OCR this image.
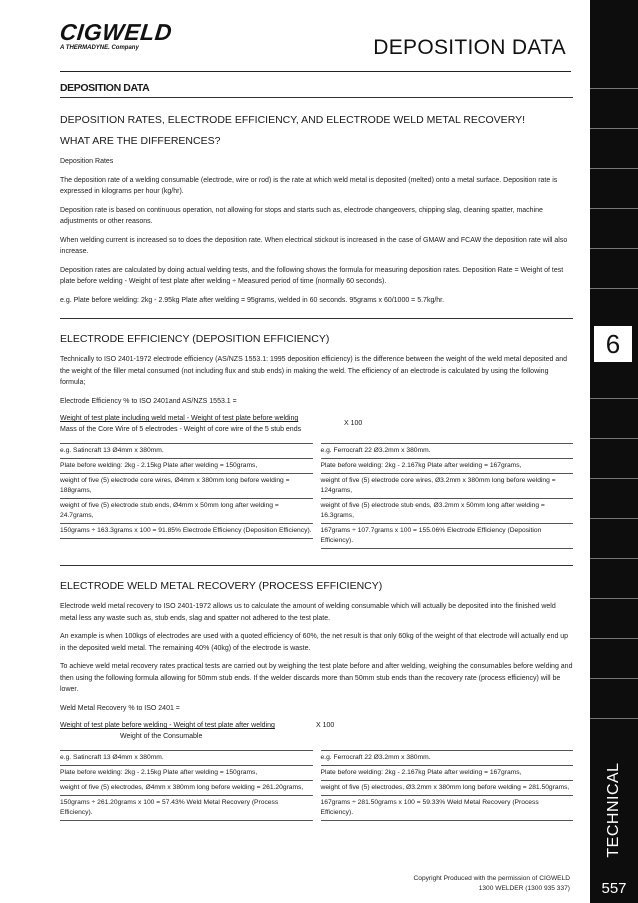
CIGWELD
A THERMADYNE. Company	DEPOSITION DATA
6
TECHNICAL
557
DEPOSITION DATA
DEPOSITION RATES, ELECTRODE EFFICIENCY, AND ELECTRODE WELD METAL RECOVERY!
WHAT ARE THE DIFFERENCES?

Deposition Rates

The deposition rate of a welding consumable (electrode, wire or rod) is the rate at which weld metal is deposited (melted) onto a metal surface. Deposition rate is expressed in kilograms per hour (kg/hr).

Deposition rate is based on continuous operation, not allowing for stops and starts such as, electrode changeovers, chipping slag, cleaning spatter, machine adjustments or other reasons.

When welding current is increased so to does the deposition rate. When electrical stickout is increased in the case of GMAW and FCAW the deposition rate will also increase.

Deposition rates are calculated by doing actual welding tests, and the following shows the formula for measuring deposition rates. Deposition Rate = Weight of test plate before welding - Weight of test plate after welding ÷ Measured period of time (normally 60 seconds).

e.g. Plate before welding: 2kg - 2.95kg Plate after welding = 95grams, welded in 60 seconds. 95grams x 60/1000 = 5.7kg/hr.

ELECTRODE EFFICIENCY (DEPOSITION EFFICIENCY)

Technically to ISO 2401-1972 electrode efficiency (AS/NZS 1553.1: 1995 deposition efficiency) is the difference between the weight of the weld metal deposited and the weight of the filler metal consumed (not including flux and stub ends) in making the weld. The efficiency of an electrode is calculated by using the following formula;

Electrode Efficiency % to ISO 2401and AS/NZS 1553.1 =

Weight of test plate including weld metal - Weight of test plate before welding
Mass of the Core Wire of 5 electrodes - Weight of core wire of the 5 stub ends
X 100
e.g. Satincraft 13 Ø4mm x 380mm.
Plate before welding: 2kg - 2.15kg Plate after welding = 150grams,
weight of five (5) electrode core wires, Ø4mm x 380mm long before welding = 188grams,
weight of five (5) electrode stub ends, Ø4mm x 50mm long after welding = 24.7grams,
150grams ÷ 163.3grams x 100 = 91.85% Electrode Efficiency (Deposition Efficiency).
e.g. Ferrocraft 22 Ø3.2mm x 380mm.
Plate before welding: 2kg - 2.167kg Plate after welding = 167grams,
weight of five (5) electrode core wires, Ø3.2mm x 380mm long before welding = 124grams,
weight of five (5) electrode stub ends, Ø3.2mm x 50mm long after welding = 16.3grams,
167grams ÷ 107.7grams x 100 = 155.06% Electrode Efficiency (Deposition Efficiency).
ELECTRODE WELD METAL RECOVERY (PROCESS EFFICIENCY)

Electrode weld metal recovery to ISO 2401-1972 allows us to calculate the amount of welding consumable which will actually be deposited into the finished weld metal less any waste such as, stub ends, slag and spatter not adhered to the test plate.

An example is when 100kgs of electrodes are used with a quoted efficiency of 60%, the net result is that only 60kg of the weight of that electrode will actually end up in the deposited weld metal. The remaining 40% (40kg) of the electrode is waste.

To achieve weld metal recovery rates practical tests are carried out by weighing the test plate before and after welding, weighing the consumables before welding and then using the following formula allowing for 50mm stub ends. If the welder discards more than 50mm stub ends than the recovery rate (process efficiency) will be lower.

Weld Metal Recovery % to ISO 2401 =

Weight of test plate before welding - Weight of test plate after welding
Weight of the Consumable
X 100
e.g. Satincraft 13 Ø4mm x 380mm.
Plate before welding: 2kg - 2.15kg Plate after welding = 150grams,
weight of five (5) electrodes, Ø4mm x 380mm long before welding = 261.20grams,
150grams ÷ 261.20grams x 100 = 57.43% Weld Metal Recovery (Process Efficiency).
e.g. Ferrocraft 22 Ø3.2mm x 380mm.
Plate before welding: 2kg - 2.167kg Plate after welding = 167grams,
weight of five (5) electrodes, Ø3.2mm x 380mm long before welding = 281.50grams,
167grams ÷ 281.50grams x 100 = 59.33% Weld Metal Recovery (Process Efficiency).
Copyright Produced with the permission of CIGWELD
1300 WELDER (1300 935 337)
